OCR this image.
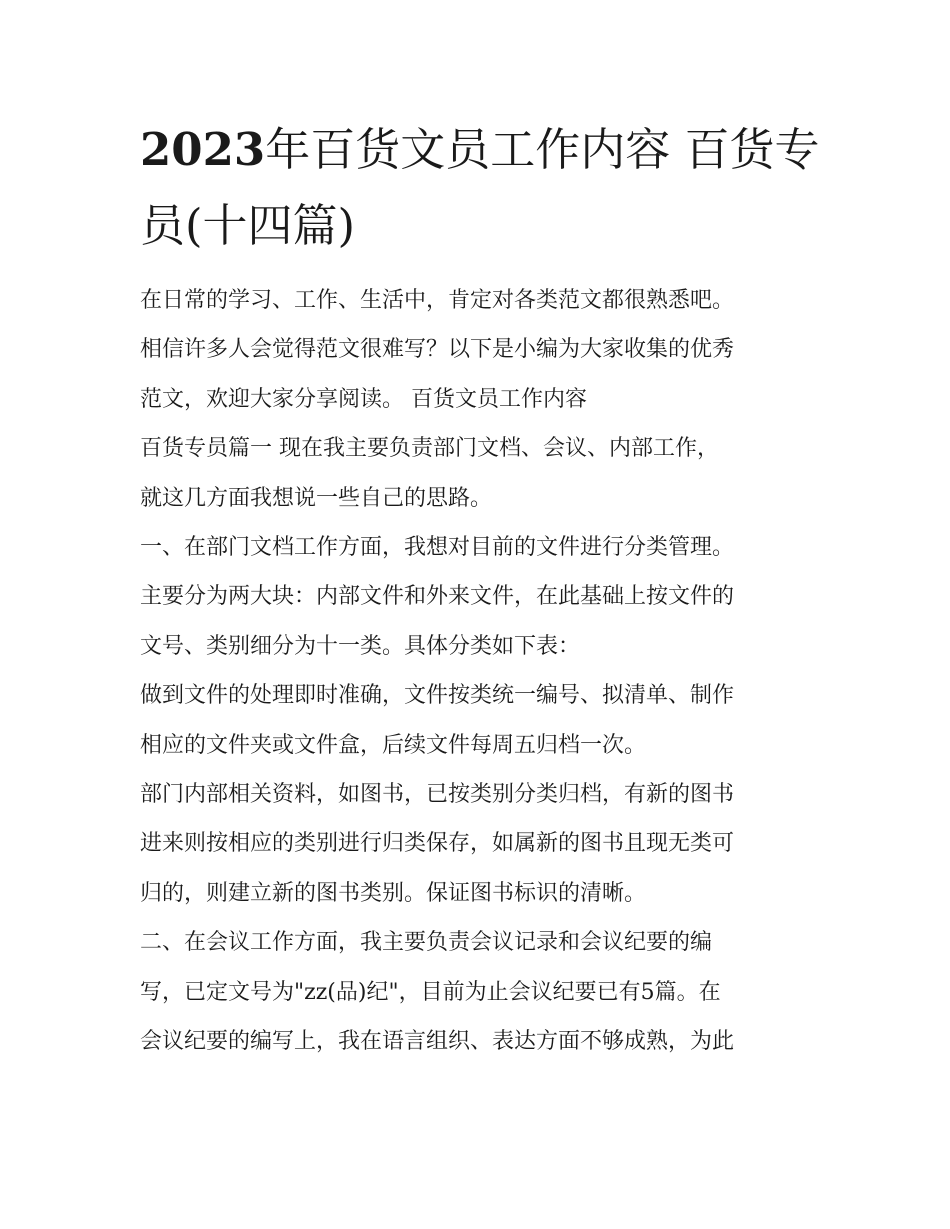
2023年百货文员工作内容 百货专员(十四篇)

在日常的学习、工作、生活中，肯定对各类范文都很熟悉吧。
相信许多人会觉得范文很难写？以下是小编为大家收集的优秀
范文，欢迎大家分享阅读。 百货文员工作内容

百货专员篇一 现在我主要负责部门文档、会议、内部工作，
就这几方面我想说一些自己的思路。

一、在部门文档工作方面，我想对目前的文件进行分类管理。
主要分为两大块：内部文件和外来文件，在此基础上按文件的
文号、类别细分为十一类。具体分类如下表：

做到文件的处理即时准确，文件按类统一编号、拟清单、制作
相应的文件夹或文件盒，后续文件每周五归档一次。

部门内部相关资料，如图书，已按类别分类归档，有新的图书
进来则按相应的类别进行归类保存，如属新的图书且现无类可
归的，则建立新的图书类别。保证图书标识的清晰。

二、在会议工作方面，我主要负责会议记录和会议纪要的编
写，已定文号为"zz(品)纪"，目前为止会议纪要已有5篇。在
会议纪要的编写上，我在语言组织、表达方面不够成熟，为此
